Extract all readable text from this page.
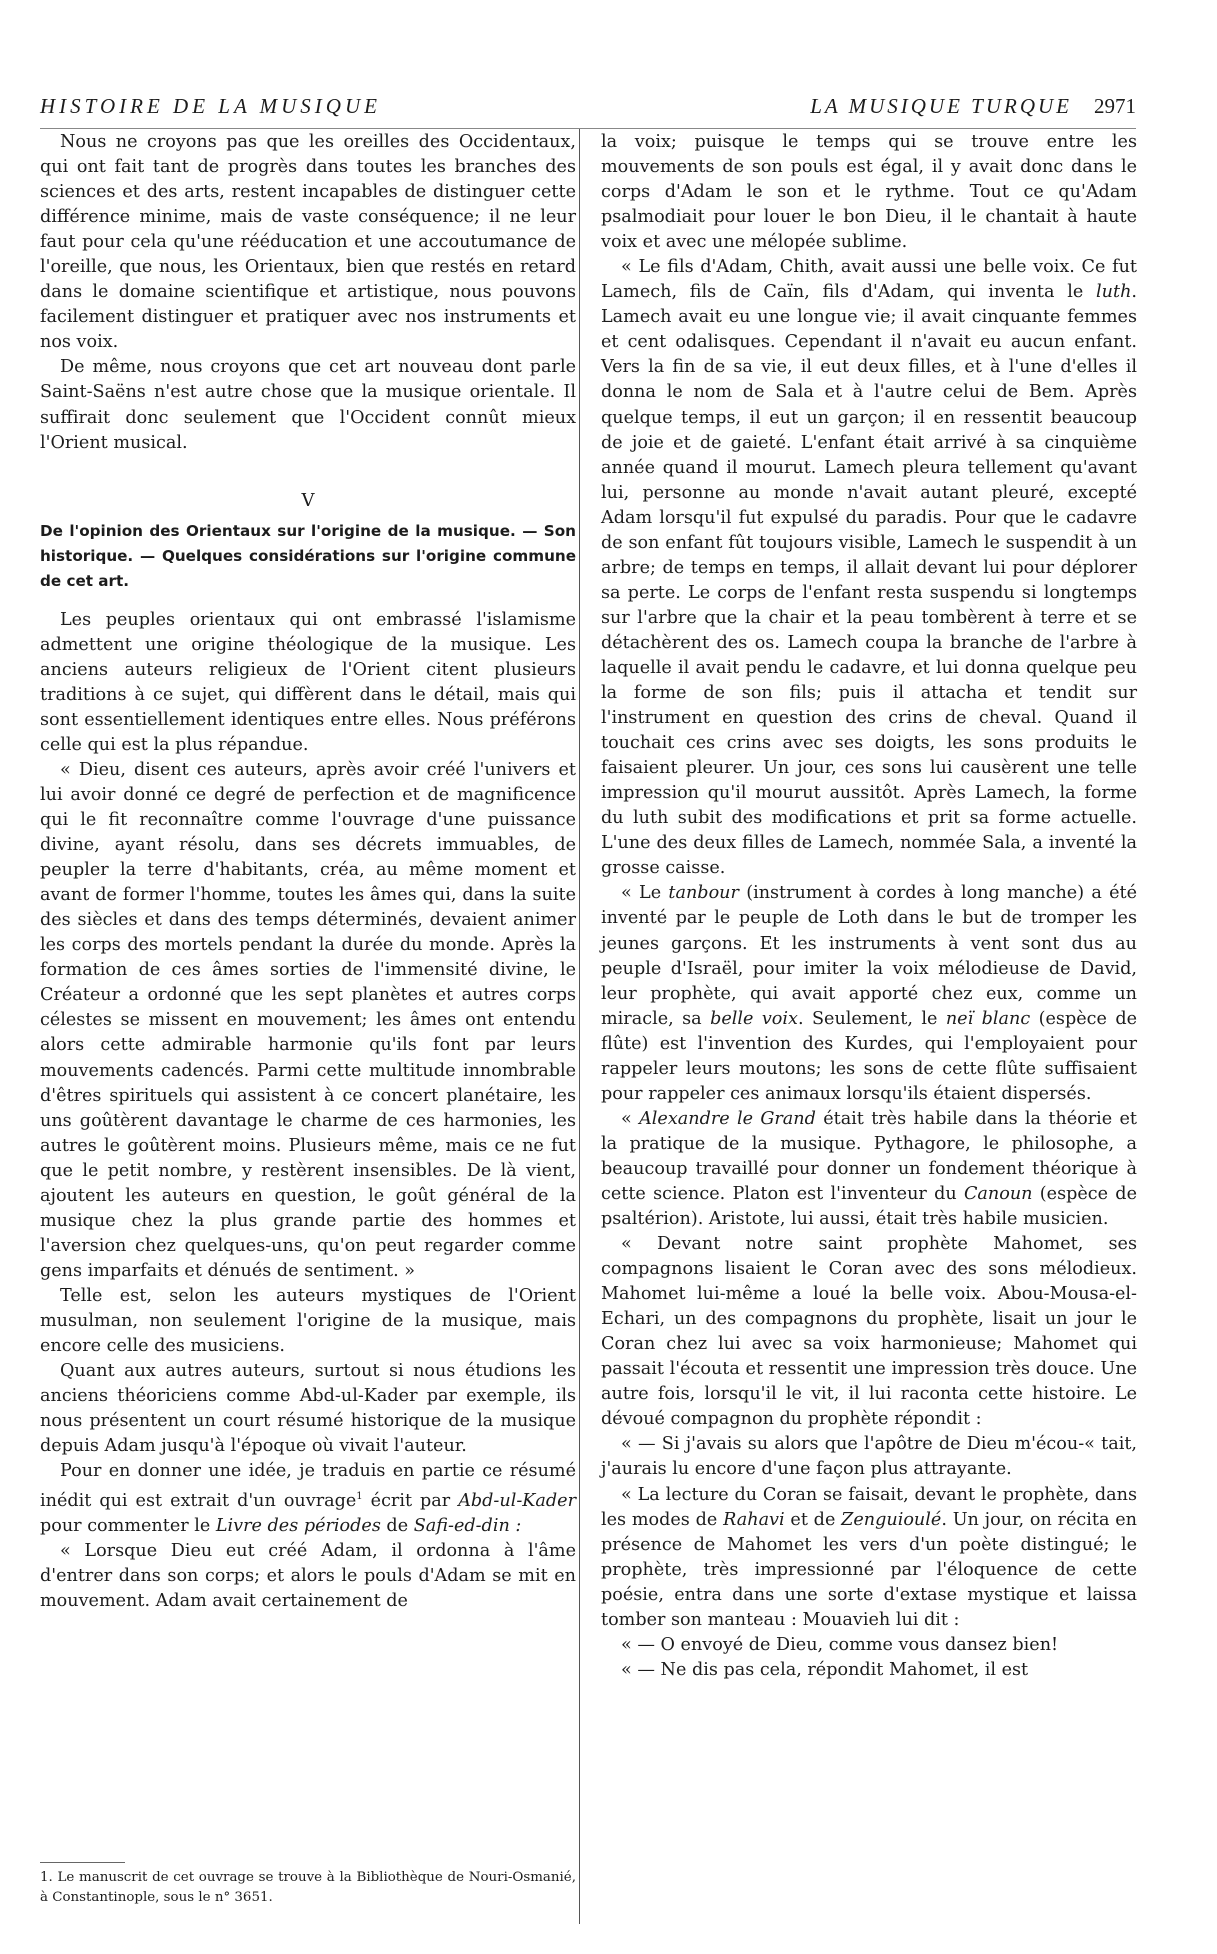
HISTOIRE DE LA MUSIQUE	LA MUSIQUE TURQUE 2971

Nous ne croyons pas que les oreilles des Occidentaux, qui ont fait tant de progrès dans toutes les branches des sciences et des arts, restent incapables de distinguer cette différence minime, mais de vaste conséquence; il ne leur faut pour cela qu'une rééducation et une accoutumance de l'oreille, que nous, les Orientaux, bien que restés en retard dans le domaine scientifique et artistique, nous pouvons facilement distinguer et pratiquer avec nos instruments et nos voix.

De même, nous croyons que cet art nouveau dont parle Saint-Saëns n'est autre chose que la musique orientale. Il suffirait donc seulement que l'Occident connût mieux l'Orient musical.

V

De l'opinion des Orientaux sur l'origine de la musique. — Son historique. — Quelques considérations sur l'origine commune de cet art.

Les peuples orientaux qui ont embrassé l'islamisme admettent une origine théologique de la musique. Les anciens auteurs religieux de l'Orient citent plusieurs traditions à ce sujet, qui diffèrent dans le détail, mais qui sont essentiellement identiques entre elles. Nous préférons celle qui est la plus répandue.

« Dieu, disent ces auteurs, après avoir créé l'univers et lui avoir donné ce degré de perfection et de magnificence qui le fit reconnaître comme l'ouvrage d'une puissance divine, ayant résolu, dans ses décrets immuables, de peupler la terre d'habitants, créa, au même moment et avant de former l'homme, toutes les âmes qui, dans la suite des siècles et dans des temps déterminés, devaient animer les corps des mortels pendant la durée du monde. Après la formation de ces âmes sorties de l'immensité divine, le Créateur a ordonné que les sept planètes et autres corps célestes se missent en mouvement; les âmes ont entendu alors cette admirable harmonie qu'ils font par leurs mouvements cadencés. Parmi cette multitude innombrable d'êtres spirituels qui assistent à ce concert planétaire, les uns goûtèrent davantage le charme de ces harmonies, les autres le goûtèrent moins. Plusieurs même, mais ce ne fut que le petit nombre, y restèrent insensibles. De là vient, ajoutent les auteurs en question, le goût général de la musique chez la plus grande partie des hommes et l'aversion chez quelques-uns, qu'on peut regarder comme gens imparfaits et dénués de sentiment. »

Telle est, selon les auteurs mystiques de l'Orient musulman, non seulement l'origine de la musique, mais encore celle des musiciens.

Quant aux autres auteurs, surtout si nous étudions les anciens théoriciens comme Abd-ul-Kader par exemple, ils nous présentent un court résumé historique de la musique depuis Adam jusqu'à l'époque où vivait l'auteur.

Pour en donner une idée, je traduis en partie ce résumé inédit qui est extrait d'un ouvrage$^1$ écrit par Abd-ul-Kader pour commenter le Livre des périodes de Safi-ed-din :

« Lorsque Dieu eut créé Adam, il ordonna à l'âme d'entrer dans son corps; et alors le pouls d'Adam se mit en mouvement. Adam avait certainement de

1. Le manuscrit de cet ouvrage se trouve à la Bibliothèque de Nouri-Osmanié, à Constantinople, sous le n° 3651.

la voix; puisque le temps qui se trouve entre les mouvements de son pouls est égal, il y avait donc dans le corps d'Adam le son et le rythme. Tout ce qu'Adam psalmodiait pour louer le bon Dieu, il le chantait à haute voix et avec une mélopée sublime.

« Le fils d'Adam, Chith, avait aussi une belle voix. Ce fut Lamech, fils de Caïn, fils d'Adam, qui inventa le luth. Lamech avait eu une longue vie; il avait cinquante femmes et cent odalisques. Cependant il n'avait eu aucun enfant. Vers la fin de sa vie, il eut deux filles, et à l'une d'elles il donna le nom de Sala et à l'autre celui de Bem. Après quelque temps, il eut un garçon; il en ressentit beaucoup de joie et de gaieté. L'enfant était arrivé à sa cinquième année quand il mourut. Lamech pleura tellement qu'avant lui, personne au monde n'avait autant pleuré, excepté Adam lorsqu'il fut expulsé du paradis. Pour que le cadavre de son enfant fût toujours visible, Lamech le suspendit à un arbre; de temps en temps, il allait devant lui pour déplorer sa perte. Le corps de l'enfant resta suspendu si longtemps sur l'arbre que la chair et la peau tombèrent à terre et se détachèrent des os. Lamech coupa la branche de l'arbre à laquelle il avait pendu le cadavre, et lui donna quelque peu la forme de son fils; puis il attacha et tendit sur l'instrument en question des crins de cheval. Quand il touchait ces crins avec ses doigts, les sons produits le faisaient pleurer. Un jour, ces sons lui causèrent une telle impression qu'il mourut aussitôt. Après Lamech, la forme du luth subit des modifications et prit sa forme actuelle. L'une des deux filles de Lamech, nommée Sala, a inventé la grosse caisse.

« Le tanbour (instrument à cordes à long manche) a été inventé par le peuple de Loth dans le but de tromper les jeunes garçons. Et les instruments à vent sont dus au peuple d'Israël, pour imiter la voix mélodieuse de David, leur prophète, qui avait apporté chez eux, comme un miracle, sa belle voix. Seulement, le neï blanc (espèce de flûte) est l'invention des Kurdes, qui l'employaient pour rappeler leurs moutons; les sons de cette flûte suffisaient pour rappeler ces animaux lorsqu'ils étaient dispersés.

« Alexandre le Grand était très habile dans la théorie et la pratique de la musique. Pythagore, le philosophe, a beaucoup travaillé pour donner un fondement théorique à cette science. Platon est l'inventeur du Canoun (espèce de psaltérion). Aristote, lui aussi, était très habile musicien.

« Devant notre saint prophète Mahomet, ses compagnons lisaient le Coran avec des sons mélodieux. Mahomet lui-même a loué la belle voix. Abou-Mousa-el-Echari, un des compagnons du prophète, lisait un jour le Coran chez lui avec sa voix harmonieuse; Mahomet qui passait l'écouta et ressentit une impression très douce. Une autre fois, lorsqu'il le vit, il lui raconta cette histoire. Le dévoué compagnon du prophète répondit :

« — Si j'avais su alors que l'apôtre de Dieu m'écou-« tait, j'aurais lu encore d'une façon plus attrayante.

« La lecture du Coran se faisait, devant le prophète, dans les modes de Rahavi et de Zenguioulé. Un jour, on récita en présence de Mahomet les vers d'un poète distingué; le prophète, très impressionné par l'éloquence de cette poésie, entra dans une sorte d'extase mystique et laissa tomber son manteau : Mouavieh lui dit :

« — O envoyé de Dieu, comme vous dansez bien!

« — Ne dis pas cela, répondit Mahomet, il est
